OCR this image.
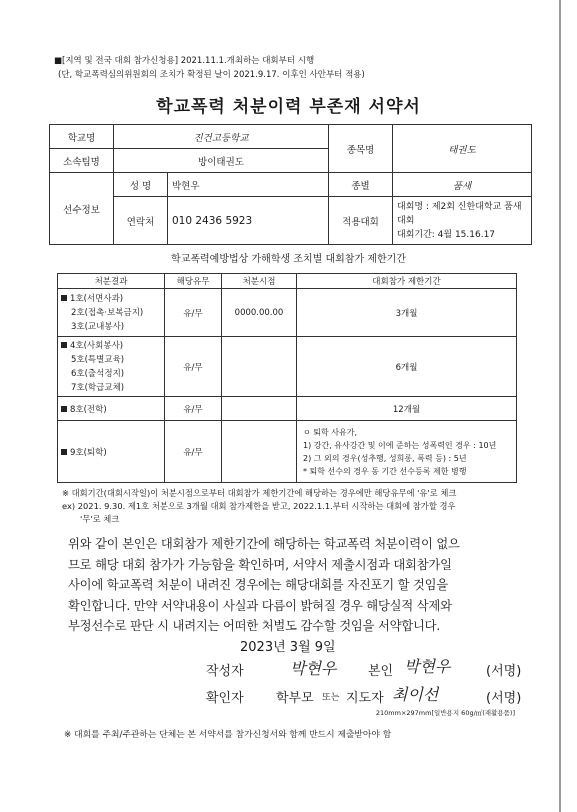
■[지역 및 전국 대회 참가신청용] 2021.11.1.개최하는 대회부터 시행
(단, 학교폭력심의위원회의 조치가 확정된 날이 2021.9.17. 이후인 사안부터 적용)
학교폭력 처분이력 부존재 서약서
학교명	진건고등학교		종목명	태권도
소속팀명	방이태권도			
선수정보	성 명	박현우	종별	품새
	연락처	010 2436 5923	적용대회	대회명 : 제2회 신한대학교 품새
대회
대회기간: 4월 15.16.17
학교폭력예방법상 가해학생 조치별 대회참가 제한기간
처분결과	해당유무	처분시점	대회참가 제한기간

1호(서면사과)
2호(접촉·보복금지)
3호(교내봉사)	유/무	0000.00.00	3개월

4호(사회봉사)
5호(특별교육)
6호(출석정지)
7호(학급교체)	유/무		6개월
8호(전학)	유/무		12개월
9호(퇴학)	유/무		ㅇ 퇴학 사유가,
1) 강간, 유사강간 및 이에 준하는 성폭력인 경우 : 10년
2) 그 외의 경우(성추행, 성희롱, 폭력 등) : 5년
* 퇴학 선수의 경우 동 기간 선수등록 제한 병행
※ 대회기간(대회시작일)이 처분시점으로부터 대회참가 제한기간에 해당하는 경우에만 해당유무에 '유'로 체크
ex) 2021. 9.30. 제1호 처분으로 3개월 대회 참가제한을 받고, 2022.1.1.부터 시작하는 대회에 참가할 경우
'무'로 체크
위와 같이 본인은 대회참가 제한기간에 해당하는 학교폭력 처분이력이 없으
므로 해당 대회 참가가 가능함을 확인하며, 서약서 제출시점과 대회참가일
사이에 학교폭력 처분이 내려진 경우에는 해당대회를 자진포기 할 것임을
확인합니다. 만약 서약내용이 사실과 다름이 밝혀질 경우 해당실적 삭제와
부정선수로 판단 시 내려지는 어떠한 처벌도 감수할 것임을 서약합니다.
2023년 3월 9일
작성자	박현우 본인 박현우	(서명)
확인자 학부모 또는 지도자 최이선	(서명)
210mm×297mm[일반용지 60g/㎡(재활용품)]
※ 대회를 주최/주관하는 단체는 본 서약서를 참가신청서와 함께 반드시 제출받아야 함
